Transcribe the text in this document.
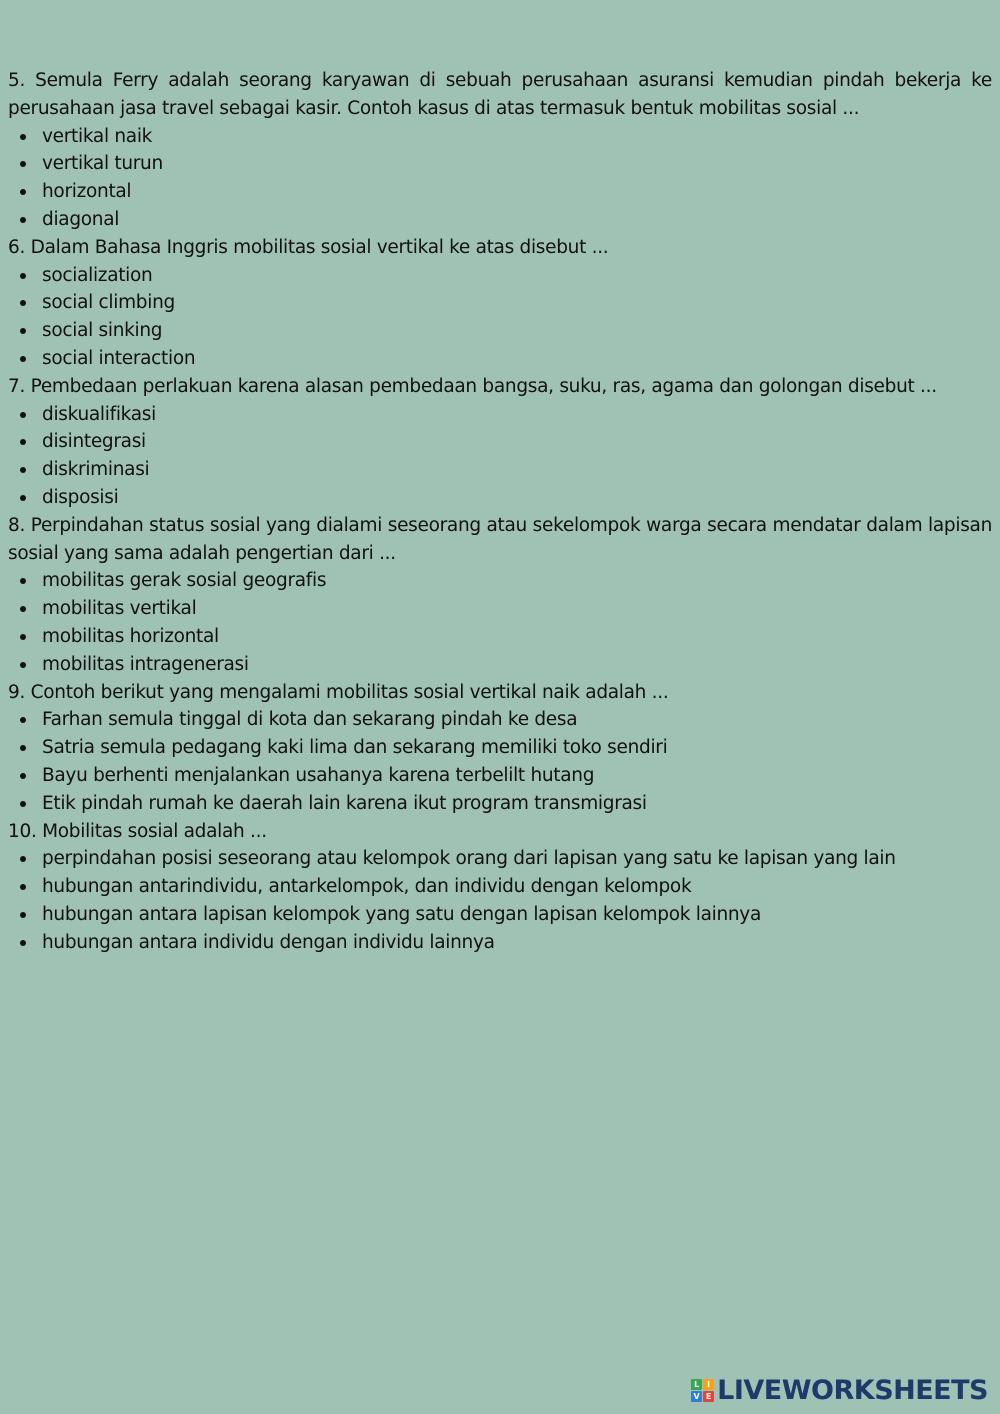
5. Semula Ferry adalah seorang karyawan di sebuah perusahaan asuransi kemudian pindah bekerja ke perusahaan jasa travel sebagai kasir. Contoh kasus di atas termasuk bentuk mobilitas sosial ...

vertikal naik
vertikal turun
horizontal
diagonal

6. Dalam Bahasa Inggris mobilitas sosial vertikal ke atas disebut ...

socialization
social climbing
social sinking
social interaction

7. Pembedaan perlakuan karena alasan pembedaan bangsa, suku, ras, agama dan golongan disebut ...

diskualifikasi
disintegrasi
diskriminasi
disposisi

8. Perpindahan status sosial yang dialami seseorang atau sekelompok warga secara mendatar dalam lapisan sosial yang sama adalah pengertian dari ...

mobilitas gerak sosial geografis
mobilitas vertikal
mobilitas horizontal
mobilitas intragenerasi

9. Contoh berikut yang mengalami mobilitas sosial vertikal naik adalah ...

Farhan semula tinggal di kota dan sekarang pindah ke desa
Satria semula pedagang kaki lima dan sekarang memiliki toko sendiri
Bayu berhenti menjalankan usahanya karena terbelilt hutang
Etik pindah rumah ke daerah lain karena ikut program transmigrasi

10. Mobilitas sosial adalah ...

perpindahan posisi seseorang atau kelompok orang dari lapisan yang satu ke lapisan yang lain
hubungan antarindividu, antarkelompok, dan individu dengan kelompok
hubungan antara lapisan kelompok yang satu dengan lapisan kelompok lainnya
hubungan antara individu dengan individu lainnya
L I
V E LIVEWORKSHEETS
